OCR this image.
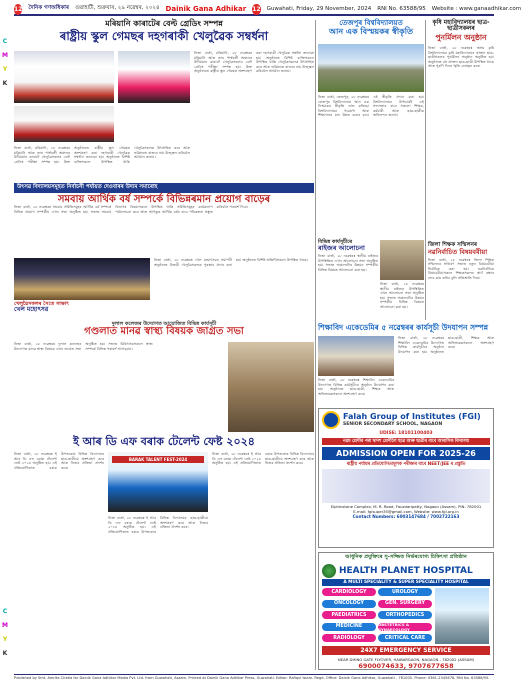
C
M
Y
K
C
M
Y
K
12 দৈনিক গণঅধিকাৰ গুৱাহাটী, শুক্রবাৰ, ২৯ নৱেম্বৰ, ২০২৪ Dainik Gana Adhikar 12 Guwahati, Friday, 29 November, 2024 RNI No. 63588/95 Website : www.ganaadhikar.com
মৰিয়ানি কাৰাটেৰ বেল্ট গ্ৰেডিং সম্পন্ন
ৰাষ্ট্ৰীয় স্কুল গেমছৰ দহগৰাকী খেলুৱৈক সম্বৰ্ধনা
নিজা বাৰ্তা, মৰিয়ানি, ২৮ নৱেম্বৰঃ মৰিয়ানি আৰু তাৰ পাৰ্শ্ববৰ্তী অঞ্চলৰ উদীয়মান কাৰাটে খেলুৱৈসকলৰ বেল্ট গ্ৰেডিং পৰীক্ষা সম্পন্ন হয়। উক্ত অনুষ্ঠানতে ৰাষ্ট্ৰীয় স্কুল গেমছত অংশগ্ৰহণ কৰা দহগৰাকী খেলুৱৈক সম্বৰ্ধনা জনোৱা হয়। অনুষ্ঠানত বিশিষ্ট ব্যক্তিসকলে উপস্থিত থাকি খেলুৱৈসকলক উৎসাহিত কৰে আৰু ভৱিষ্যতে ৰাজ্যৰ নাম উজ্জ্বল কৰিবলৈ আহ্বান জনায়।
নিজা বাৰ্তা, মৰিয়ানি, ২৮ নৱেম্বৰঃ মৰিয়ানি আৰু তাৰ পাৰ্শ্ববৰ্তী অঞ্চলৰ উদীয়মান কাৰাটে খেলুৱৈসকলৰ বেল্ট গ্ৰেডিং পৰীক্ষা সম্পন্ন হয়। উক্ত অনুষ্ঠানতে ৰাষ্ট্ৰীয় স্কুল গেমছত অংশগ্ৰহণ কৰা দহগৰাকী খেলুৱৈক সম্বৰ্ধনা জনোৱা হয়। অনুষ্ঠানত বিশিষ্ট ব্যক্তিসকলে উপস্থিত থাকি খেলুৱৈসকলক উৎসাহিত কৰে আৰু ভৱিষ্যতে ৰাজ্যৰ নাম উজ্জ্বল কৰিবলৈ আহ্বান জনায়।
তেজপুৰ বিশ্ববিদ্যালয়ত
আন এক বিস্ময়কৰ স্বীকৃতি
নিজা বাৰ্তা, তেজপুৰ, ২৮ নৱেম্বৰঃ তেজপুৰ বিশ্ববিদ্যালয়ে আন এক বিস্ময়কৰ স্বীকৃতি লাভ কৰিছে। বিশ্ববিদ্যালয়ৰ গৱেষণা আৰু শিক্ষাদানৰ মান উন্নত কৰাৰ বাবে এই স্বীকৃতি প্ৰদান কৰা হয়। বিশ্ববিদ্যালয়ৰ উপাচাৰ্যই এই সফলতাৰ বাবে সকলো শিক্ষক, কৰ্মচাৰী আৰু ছাত্ৰ-ছাত্ৰীক অভিনন্দন জনায়।
কৃষি মহাবিদ্যালয়ৰ ছাত্ৰ-ছাত্ৰীসকলৰ
পুনৰ্মিলন অনুষ্ঠান
নিজা বাৰ্তা, ২৮ নৱেম্বৰঃ অসম কৃষি বিশ্ববিদ্যালয়ৰ কৃষি মহাবিদ্যালয়ৰ প্ৰাক্তন ছাত্ৰ-ছাত্ৰীসকলৰ পুনৰ্মিলন অনুষ্ঠান অনুষ্ঠিত হয়। অনুষ্ঠানত বহু প্ৰাক্তন ছাত্ৰ-ছাত্ৰী উপস্থিত থাকে আৰু পুৰণি দিনৰ স্মৃতি ৰোমন্থন কৰে।
উৎসৱ বিদ্যালয়সমূহত নিৰ্বাচনী পৰ্যায়ত দেওবাৰৰ উদ্যম সমাৰোহ
সমবায় আৰ্থিক বৰ্ষ সম্পৰ্কে বিভিন্নৰমান প্ৰয়োগ বাড়েৰ
নিজা বাৰ্তা, ২৮ নৱেম্বৰঃ সমবায় সমিতিসমূহৰ আৰ্থিক বৰ্ষ সম্পৰ্কে বিভিন্ন প্ৰয়োগ সম্পৰ্কীয় এখন সভা অনুষ্ঠিত হয়। সভাত সমবায় বিভাগৰ বিষয়াসকলে উপস্থিত থাকি সমিতিসমূহৰ কাৰ্যকলাপ পৰ্যালোচনা কৰে আৰু আগন্তুক আৰ্থিক বৰ্ষৰ বাবে পৰিকল্পনা প্ৰস্তুত কৰিবলৈ পৰামৰ্শ দিয়ে।
বিভিন্ন কাৰ্যসূচীৰে
ৰাইজৰ আলোচনা
নিজা বাৰ্তা, ২৮ নৱেম্বৰঃ স্থানীয় ৰাইজৰ উপস্থিতিত এখন আলোচনা সভা অনুষ্ঠিত হয়। সভাত অঞ্চলটোৰ উন্নয়ন সম্পৰ্কীয় বিভিন্ন বিষয়ত আলোচনা কৰা হয়।
নিজা বাৰ্তা, ২৮ নৱেম্বৰঃ স্থানীয় ৰাইজৰ উপস্থিতিত এখন আলোচনা সভা অনুষ্ঠিত হয়। সভাত অঞ্চলটোৰ উন্নয়ন সম্পৰ্কীয় বিভিন্ন বিষয়ত আলোচনা কৰা হয়।
জিলা শিক্ষক সন্মিলনৰ
নৱনিৰ্বাচিত বিষয়ববীয়া
নিজা বাৰ্তা, ২৮ নৱেম্বৰঃ জিলা শিক্ষক সন্মিলনৰ সাধাৰণ সভাত নতুন বিষয়ববীয়া নিৰ্বাচিত কৰা হয়। নৱনিৰ্বাচিত বিষয়ববীয়াসকলে শিক্ষকসকলৰ স্বাৰ্থ ৰক্ষাৰ বাবে কাম কৰিব বুলি প্ৰতিশ্ৰুতি দিয়ে।
শিক্ষাবিদ একেডেমিৰ ৫ নৱেম্বৰৰ কাৰ্যসূচী উদযাপন সম্পন্ন
নিজা বাৰ্তা, ২৮ নৱেম্বৰঃ শিক্ষাবিদ একেডেমিৰ উদ্যোগত বিভিন্ন কাৰ্যসূচীৰে অনুষ্ঠান উদযাপন কৰা হয়। অনুষ্ঠানত ছাত্ৰ-ছাত্ৰী, শিক্ষক আৰু অভিভাৱকসকলে অংশগ্ৰহণ কৰে।
নিজা বাৰ্তা, ২৮ নৱেম্বৰঃ শিক্ষাবিদ একেডেমিৰ উদ্যোগত বিভিন্ন কাৰ্যসূচীৰে অনুষ্ঠান উদযাপন কৰা হয়। অনুষ্ঠানত ছাত্ৰ-ছাত্ৰী, শিক্ষক আৰু অভিভাৱকসকলে অংশগ্ৰহণ কৰে।
খেলুৱৈসকলৰ সৈতে সাক্ষাৎ
খেল মহোৎসৱ
নিজা বাৰ্তা, ২৮ নৱেম্বৰঃ খেল মহোৎসৱৰ সমাপনী অনুষ্ঠানত বিজয়ী খেলুৱৈসকলক পুৰস্কাৰ প্ৰদান কৰা হয়। অনুষ্ঠানত বিশিষ্ট অতিথিসকলে উপস্থিত থাকে।
দুলাল কলেজৰ উদ্যোগত আয়োজিত বিভিন্ন কাৰ্যসূচী
গণ্ডলাত মানৱ স্বাস্থ্য বিষয়ক জাগ্ৰত সভা
নিজা বাৰ্তা, ২৮ নৱেম্বৰঃ দুলাল কলেজৰ উদ্যোগত মানৱ স্বাস্থ্য বিষয়ক এখন জাগ্ৰত সভা অনুষ্ঠিত হয়। সভাত চিকিৎসকসকলে স্বাস্থ্য সম্পৰ্কে বিভিন্ন পৰামৰ্শ আগবঢ়ায়।
Falah Group of Institutes (FGI)
SENIOR SECONDARY SCHOOL, NAGAON
UDISE: 18101100403
নৱম শ্ৰেণীৰ পৰা দ্বাদশ শ্ৰেণীলৈ ছাত্ৰ আৰু ছাত্ৰীৰ বাবে আবাসিক বিদ্যালয়
ADMISSION OPEN FOR 2025-26
ৰাষ্ট্ৰীয় পৰ্যায়ৰ প্ৰতিযোগিতামূলক পৰীক্ষাৰ বাবে NEET/JEE ৰ প্ৰস্তুতি
Elphinstone Complex, M. R. Road, Fouzdaripatty, Nagaon (Assam), PIN: 782001
E-mail: fgisuper35@gmail.com, Website: www.fgi.org.in
Contact Numbers: 6003147684 / 7002722163
ই আৰ ডি এফ বৰাক টেলেন্ট ফেষ্ট ২০২৪
নিজা বাৰ্তা, ২৮ নৱেম্বৰঃ ই আৰ ডি এফ বৰাক টেলেন্ট ফেষ্ট ২০২৪ অনুষ্ঠিত হয়। এই প্ৰতিযোগিতাত বৰাক উপত্যকাৰ বিভিন্ন বিদ্যালয়ৰ ছাত্ৰ-ছাত্ৰীয়ে অংশগ্ৰহণ কৰে আৰু নিজৰ প্ৰতিভা প্ৰদৰ্শন কৰে।
BARAK TALENT FEST-2024
নিজা বাৰ্তা, ২৮ নৱেম্বৰঃ ই আৰ ডি এফ বৰাক টেলেন্ট ফেষ্ট ২০২৪ অনুষ্ঠিত হয়। এই প্ৰতিযোগিতাত বৰাক উপত্যকাৰ বিভিন্ন বিদ্যালয়ৰ ছাত্ৰ-ছাত্ৰীয়ে অংশগ্ৰহণ কৰে আৰু নিজৰ প্ৰতিভা প্ৰদৰ্শন কৰে।
নিজা বাৰ্তা, ২৮ নৱেম্বৰঃ ই আৰ ডি এফ বৰাক টেলেন্ট ফেষ্ট ২০২৪ অনুষ্ঠিত হয়। এই প্ৰতিযোগিতাত বৰাক উপত্যকাৰ বিভিন্ন বিদ্যালয়ৰ ছাত্ৰ-ছাত্ৰীয়ে অংশগ্ৰহণ কৰে আৰু নিজৰ প্ৰতিভা প্ৰদৰ্শন কৰে।
আধুনিক প্ৰযুক্তিৰে সু-সজ্জিত নিৰ্ভৰযোগ্য চিকিৎসা প্ৰতিষ্ঠান
HEALTH PLANET HOSPITAL
A MULTI SPECIALITY & SUPER SPECIALITY HOSPITAL
CARDIOLOGY	UROLOGY
ONCOLOGY	GEN. SURGERY
PAEDIATRICS	ORTHOPEDICS
MEDICINE	OBSTETRICS & GYNAECOLOGY
RADIOLOGY	CRITICAL CARE
24X7 EMERGENCY SERVICE
NEAR DHING GATE FLYOVER, HAIBARGAON, NAGAON - 782002 (ASSAM)
6900074633, 9707677658
Published by Smt. Amrita Chetia for Dainik Gana Adhikar Media Pvt. Ltd. from Guwahati, Assam. Printed at Dainik Gana Adhikar Press, Guwahati. Editor: Rafiqul Islam. Regd. Office: Dainik Gana Adhikar, Guwahati - 781005. Phone: 0361-2345678. RNI No. 63588/95.
